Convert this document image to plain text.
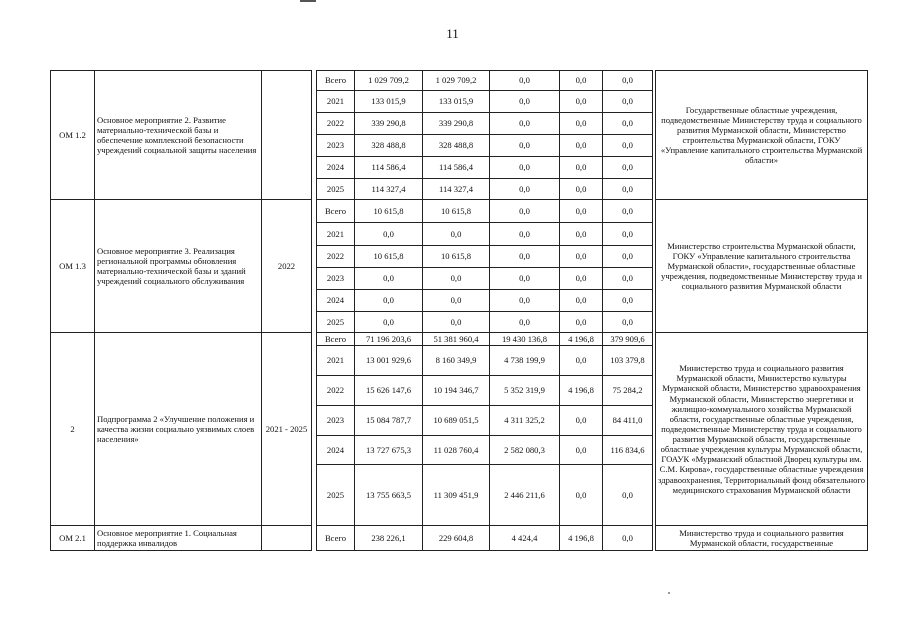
11
ОМ 1.2	Основное мероприятие 2. Развитие материально-технической базы и обеспечение комплексной безопасности учреждений социальной защиты населения			Всего	1 029 709,2	1 029 709,2	0,0	0,0	0,0		Государственные областные учреждения, подведомственные Министерству труда и социального развития Мурманской области, Министерство строительства Мурманской области, ГОКУ «Управление капитального строительства Мурманской области»
				2021	133 015,9	133 015,9	0,0	0,0	0,0		
				2022	339 290,8	339 290,8	0,0	0,0	0,0		
				2023	328 488,8	328 488,8	0,0	0,0	0,0		
				2024	114 586,4	114 586,4	0,0	0,0	0,0		
				2025	114 327,4	114 327,4	0,0	0,0	0,0		
ОМ 1.3	Основное мероприятие 3. Реализация региональной программы обновления материально-технической базы и зданий учреждений социального обслуживания	2022		Всего	10 615,8	10 615,8	0,0	0,0	0,0		Министерство строительства Мурманской области, ГОКУ «Управление капитального строительства Мурманской области», государственные областные учреждения, подведомственные Министерству труда и социального развития Мурманской области
				2021	0,0	0,0	0,0	0,0	0,0		
				2022	10 615,8	10 615,8	0,0	0,0	0,0		
				2023	0,0	0,0	0,0	0,0	0,0		
				2024	0,0	0,0	0,0	0,0	0,0		
				2025	0,0	0,0	0,0	0,0	0,0		
2	Подпрограмма 2 «Улучшение положения и качества жизни социально уязвимых слоев населения»	2021 - 2025		Всего	71 196 203,6	51 381 960,4	19 430 136,8	4 196,8	379 909,6		Министерство труда и социального развития Мурманской области, Министерство культуры Мурманской области, Министерство здравоохранения Мурманской области, Министерство энергетики и жилищно-коммунального хозяйства Мурманской области, государственные областные учреждения, подведомственные Министерству труда и социального развития Мурманской области, государственные областные учреждения культуры Мурманской области, ГОАУК «Мурманский областной Дворец культуры им. С.М. Кирова», государственные областные учреждения здравоохранения, Территориальный фонд обязательного медицинского страхования Мурманской области
				2021	13 001 929,6	8 160 349,9	4 738 199,9	0,0	103 379,8		
				2022	15 626 147,6	10 194 346,7	5 352 319,9	4 196,8	75 284,2		
				2023	15 084 787,7	10 689 051,5	4 311 325,2	0,0	84 411,0		
				2024	13 727 675,3	11 028 760,4	2 582 080,3	0,0	116 834,6		
				2025	13 755 663,5	11 309 451,9	2 446 211,6	0,0	0,0		
ОМ 2.1	Основное мероприятие 1. Социальная поддержка инвалидов			Всего	238 226,1	229 604,8	4 424,4	4 196,8	0,0		Министерство труда и социального развития Мурманской области, государственные
